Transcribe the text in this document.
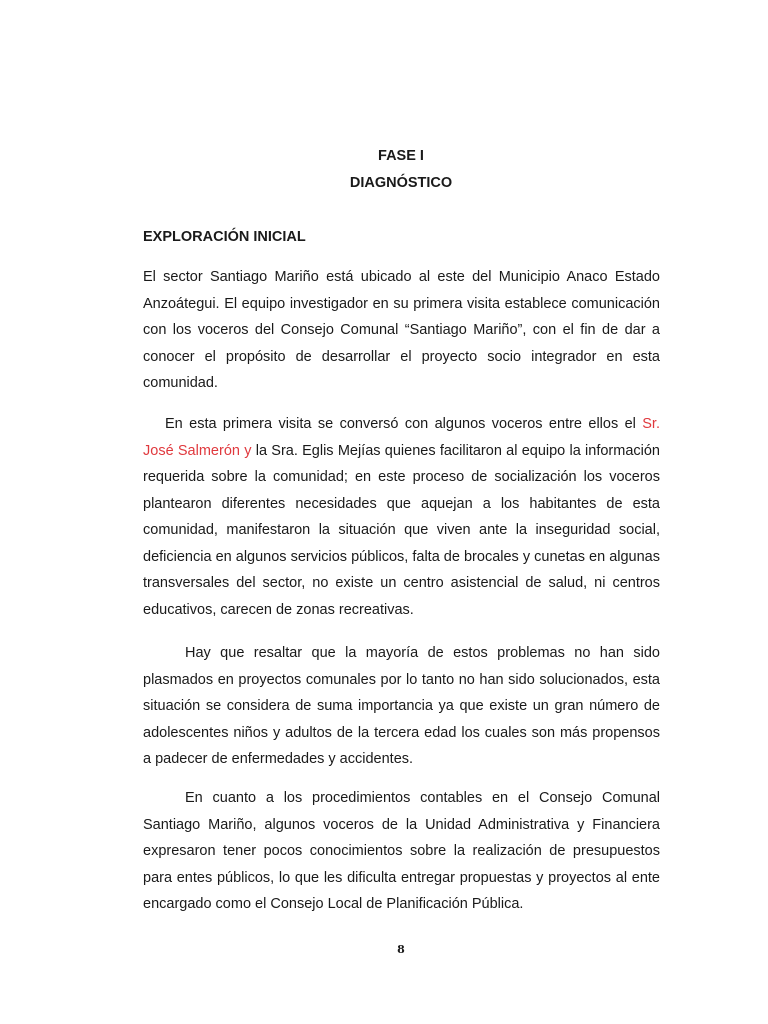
FASE I
DIAGNÓSTICO
EXPLORACIÓN INICIAL

El sector Santiago Mariño está ubicado al este del Municipio Anaco Estado Anzoátegui. El equipo investigador en su primera visita establece comunicación con los voceros del Consejo Comunal “Santiago Mariño”, con el fin de dar a conocer el propósito de desarrollar el proyecto socio integrador en esta comunidad.

En esta primera visita se conversó con algunos voceros entre ellos el Sr. José Salmerón y la Sra. Eglis Mejías quienes facilitaron al equipo la información requerida sobre la comunidad; en este proceso de socialización los voceros plantearon diferentes necesidades que aquejan a los habitantes de esta comunidad, manifestaron la situación que viven ante la inseguridad social, deficiencia en algunos servicios públicos, falta de brocales y cunetas en algunas transversales del sector, no existe un centro asistencial de salud, ni centros educativos, carecen de zonas recreativas.

Hay que resaltar que la mayoría de estos problemas no han sido plasmados en proyectos comunales por lo tanto no han sido solucionados, esta situación se considera de suma importancia ya que existe un gran número de adolescentes niños y adultos de la tercera edad los cuales son más propensos a padecer de enfermedades y accidentes.

En cuanto a los procedimientos contables en el Consejo Comunal Santiago Mariño, algunos voceros de la Unidad Administrativa y Financiera expresaron tener pocos conocimientos sobre la realización de presupuestos para entes públicos, lo que les dificulta entregar propuestas y proyectos al ente encargado como el Consejo Local de Planificación Pública.

8
